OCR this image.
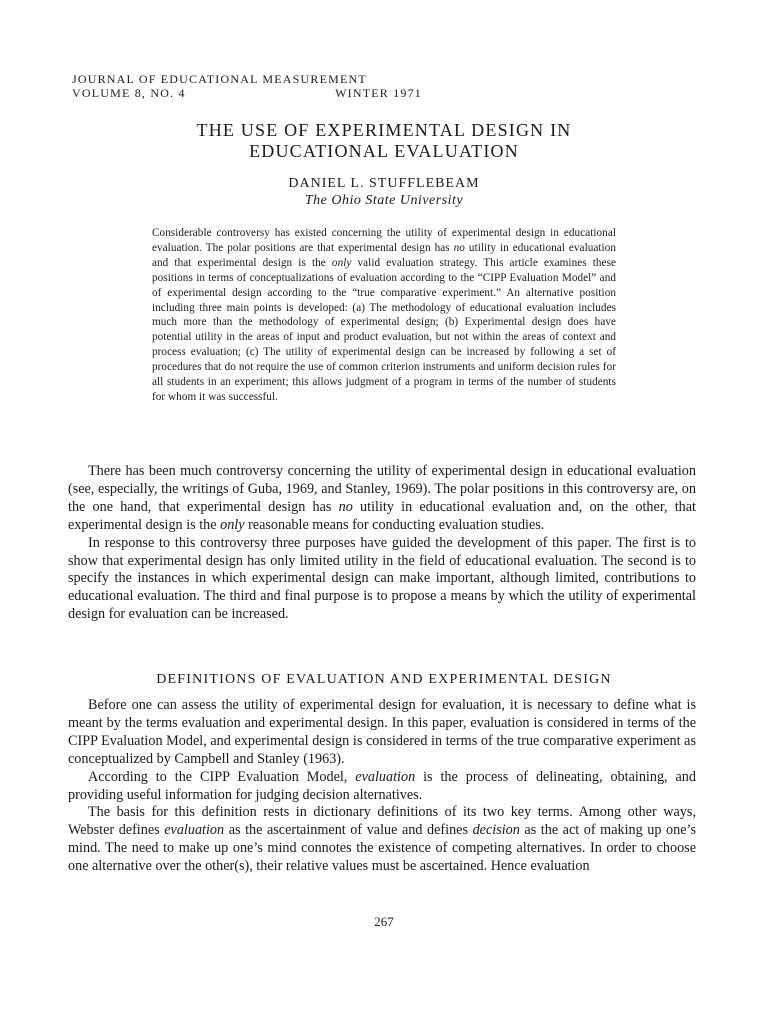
JOURNAL OF EDUCATIONAL MEASUREMENT
VOLUME 8, NO. 4	WINTER 1971
THE USE OF EXPERIMENTAL DESIGN IN
EDUCATIONAL EVALUATION
DANIEL L. STUFFLEBEAM
The Ohio State University
Considerable controversy has existed concerning the utility of experimental design in educational evaluation. The polar positions are that experimental design has no utility in educational evaluation and that experimental design is the only valid evaluation strategy. This article examines these positions in terms of conceptualizations of evaluation according to the “CIPP Evaluation Model” and of experimental design according to the “true comparative experiment.” An alternative position including three main points is developed: (a) The methodology of educational evaluation includes much more than the methodology of experimental design; (b) Experimental design does have potential utility in the areas of input and product evaluation, but not within the areas of context and process evaluation; (c) The utility of experimental design can be increased by following a set of procedures that do not require the use of common criterion instruments and uniform decision rules for all students in an experiment; this allows judgment of a program in terms of the number of students for whom it was successful.

There has been much controversy concerning the utility of experimental design in educational evaluation (see, especially, the writings of Guba, 1969, and Stanley, 1969). The polar positions in this controversy are, on the one hand, that experimental design has no utility in educational evaluation and, on the other, that experimental design is the only reasonable means for conducting evaluation studies.

In response to this controversy three purposes have guided the development of this paper. The first is to show that experimental design has only limited utility in the field of educational evaluation. The second is to specify the instances in which experimental design can make important, although limited, contributions to educational evaluation. The third and final purpose is to propose a means by which the utility of experimental design for evaluation can be increased.

DEFINITIONS OF EVALUATION AND EXPERIMENTAL DESIGN

Before one can assess the utility of experimental design for evaluation, it is necessary to define what is meant by the terms evaluation and experimental design. In this paper, evaluation is considered in terms of the CIPP Evaluation Model, and experimental design is considered in terms of the true comparative experiment as conceptualized by Campbell and Stanley (1963).

According to the CIPP Evaluation Model, evaluation is the process of delineating, obtaining, and providing useful information for judging decision alternatives.

The basis for this definition rests in dictionary definitions of its two key terms. Among other ways, Webster defines evaluation as the ascertainment of value and defines decision as the act of making up one’s mind. The need to make up one’s mind connotes the existence of competing alternatives. In order to choose one alternative over the other(s), their relative values must be ascertained. Hence evaluation

267
